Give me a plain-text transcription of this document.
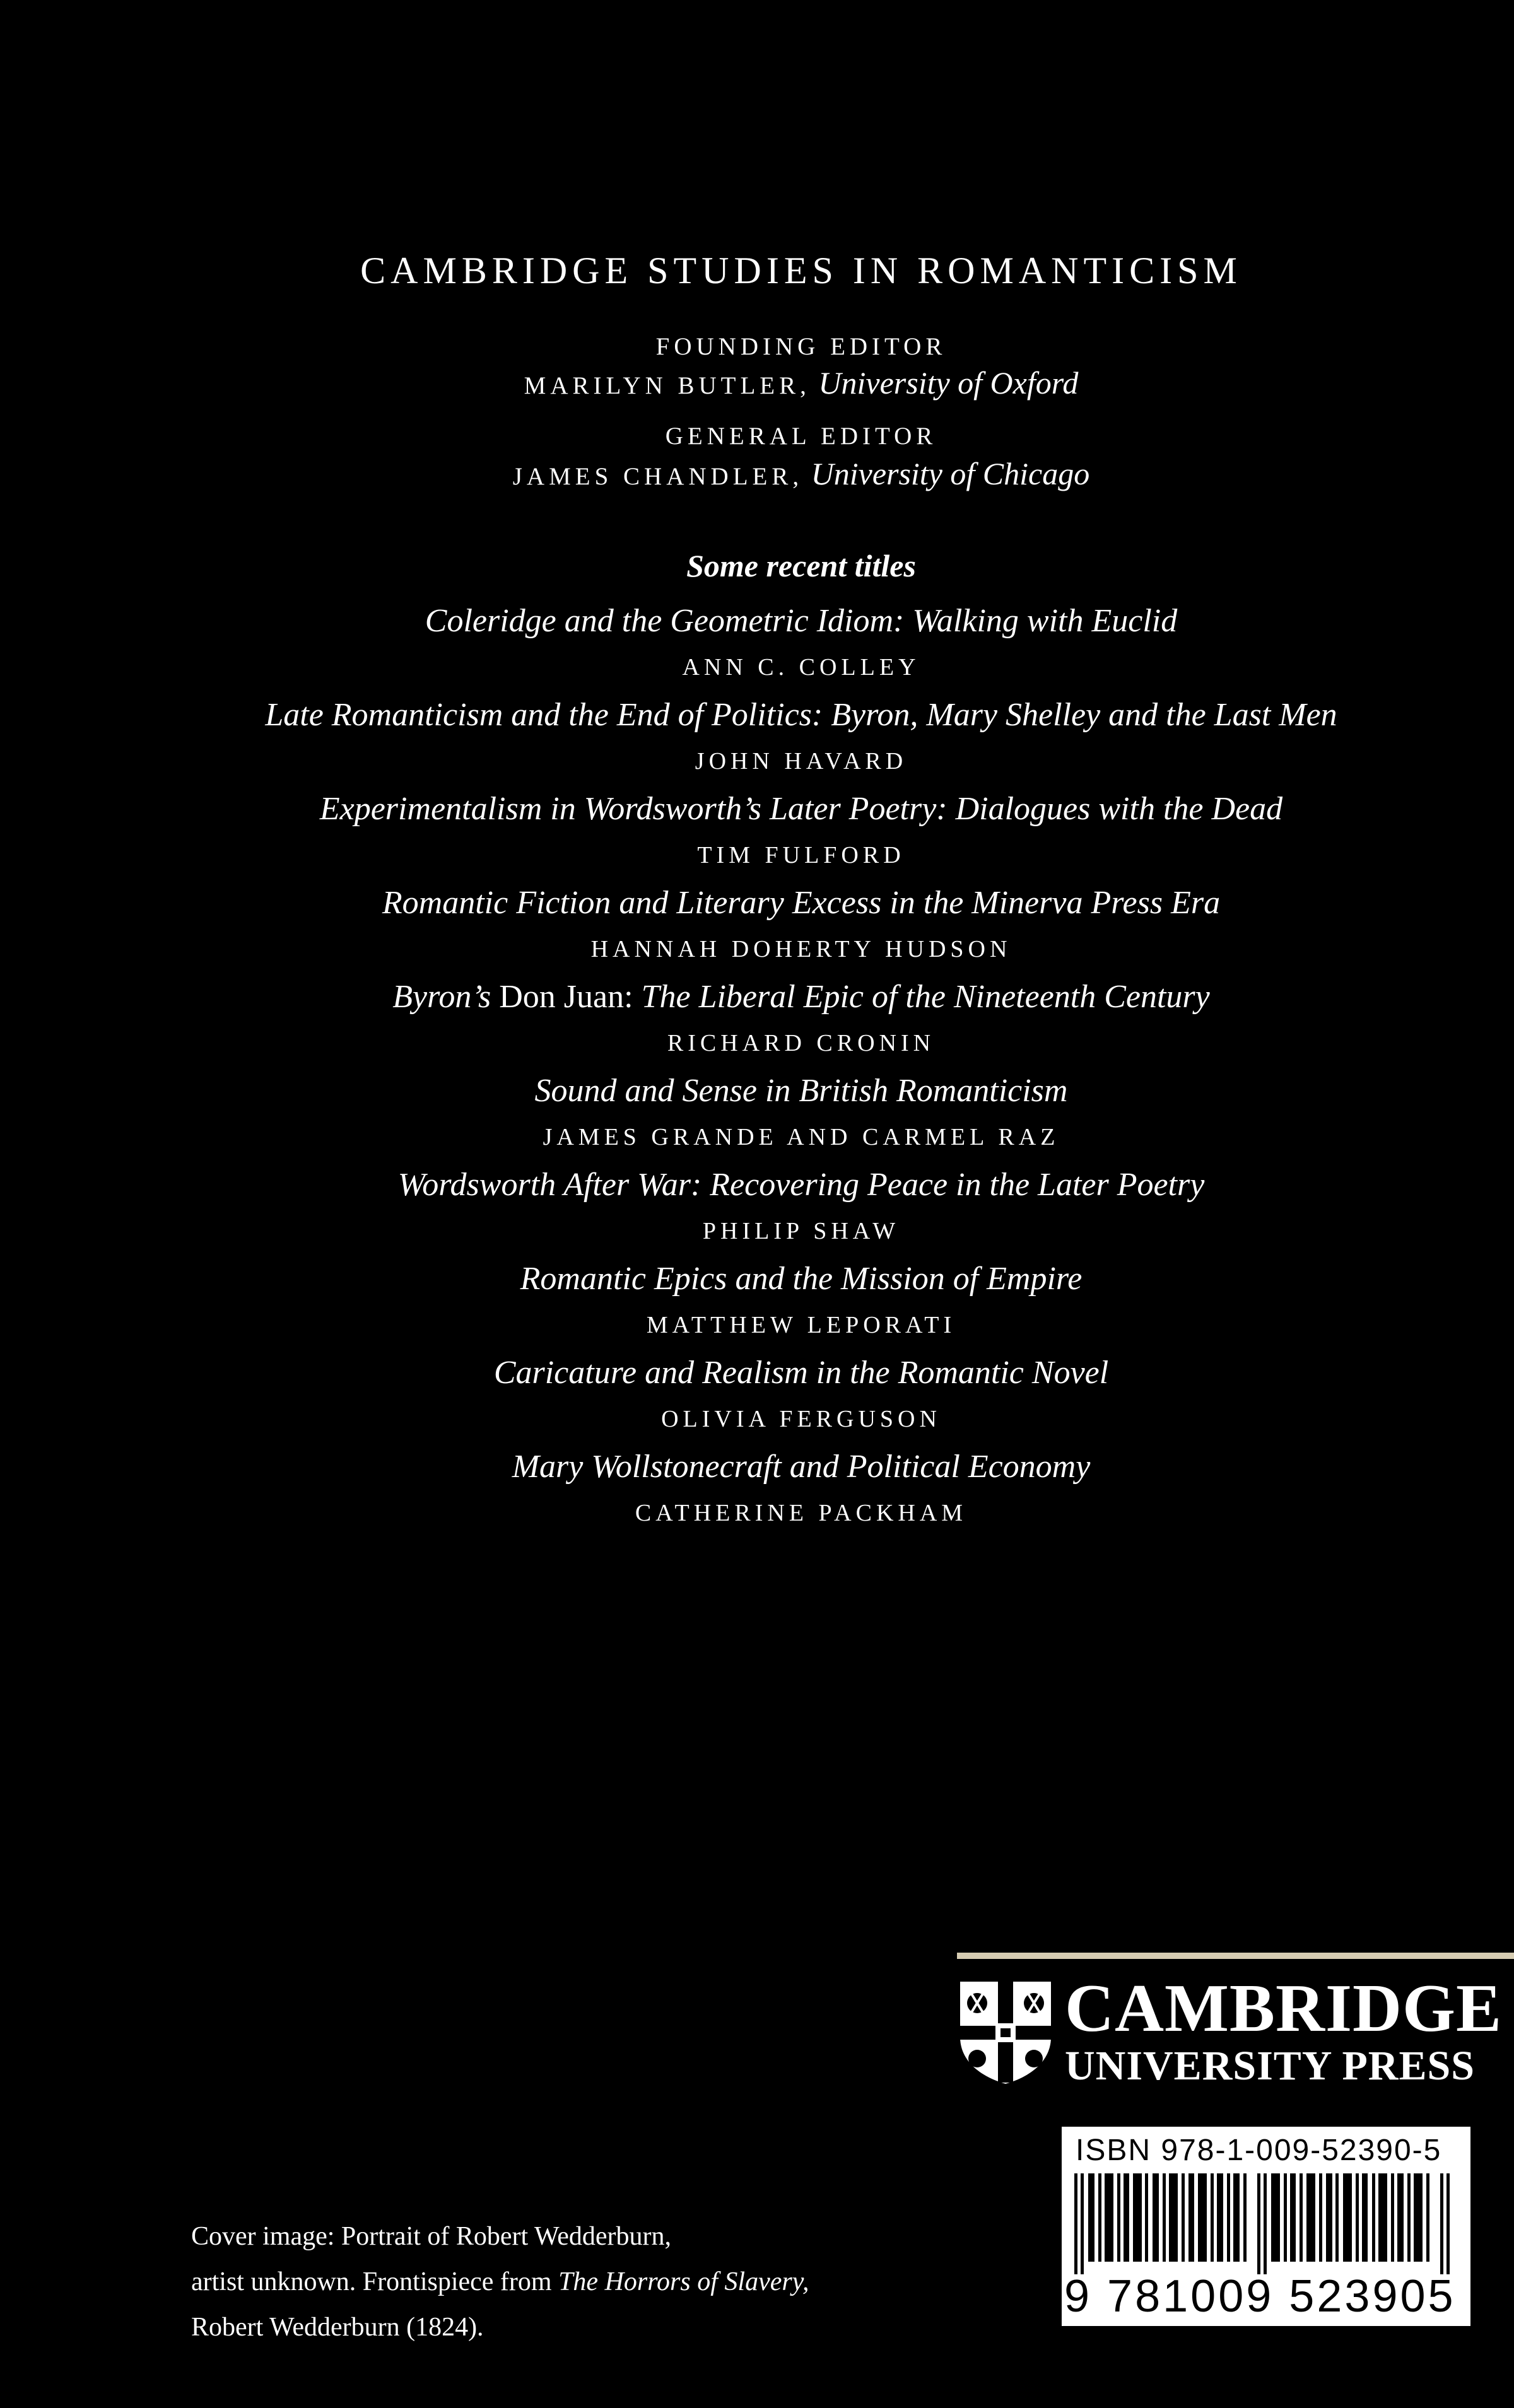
CAMBRIDGE STUDIES IN ROMANTICISM
FOUNDING EDITOR
MARILYN BUTLER, University of Oxford
GENERAL EDITOR
JAMES CHANDLER, University of Chicago
Some recent titles
Coleridge and the Geometric Idiom: Walking with Euclid
ANN C. COLLEY
Late Romanticism and the End of Politics: Byron, Mary Shelley and the Last Men
JOHN HAVARD
Experimentalism in Wordsworth’s Later Poetry: Dialogues with the Dead
TIM FULFORD
Romantic Fiction and Literary Excess in the Minerva Press Era
HANNAH DOHERTY HUDSON
Byron’s Don Juan: The Liberal Epic of the Nineteenth Century
RICHARD CRONIN
Sound and Sense in British Romanticism
JAMES GRANDE AND CARMEL RAZ
Wordsworth After War: Recovering Peace in the Later Poetry
PHILIP SHAW
Romantic Epics and the Mission of Empire
MATTHEW LEPORATI
Caricature and Realism in the Romantic Novel
OLIVIA FERGUSON
Mary Wollstonecraft and Political Economy
CATHERINE PACKHAM
CAMBRIDGE
UNIVERSITY PRESS
ISBN 978-1-009-52390-5
9 781009 523905 >
Cover image: Portrait of Robert Wedderburn,
artist unknown. Frontispiece from The Horrors of Slavery,
Robert Wedderburn (1824).
